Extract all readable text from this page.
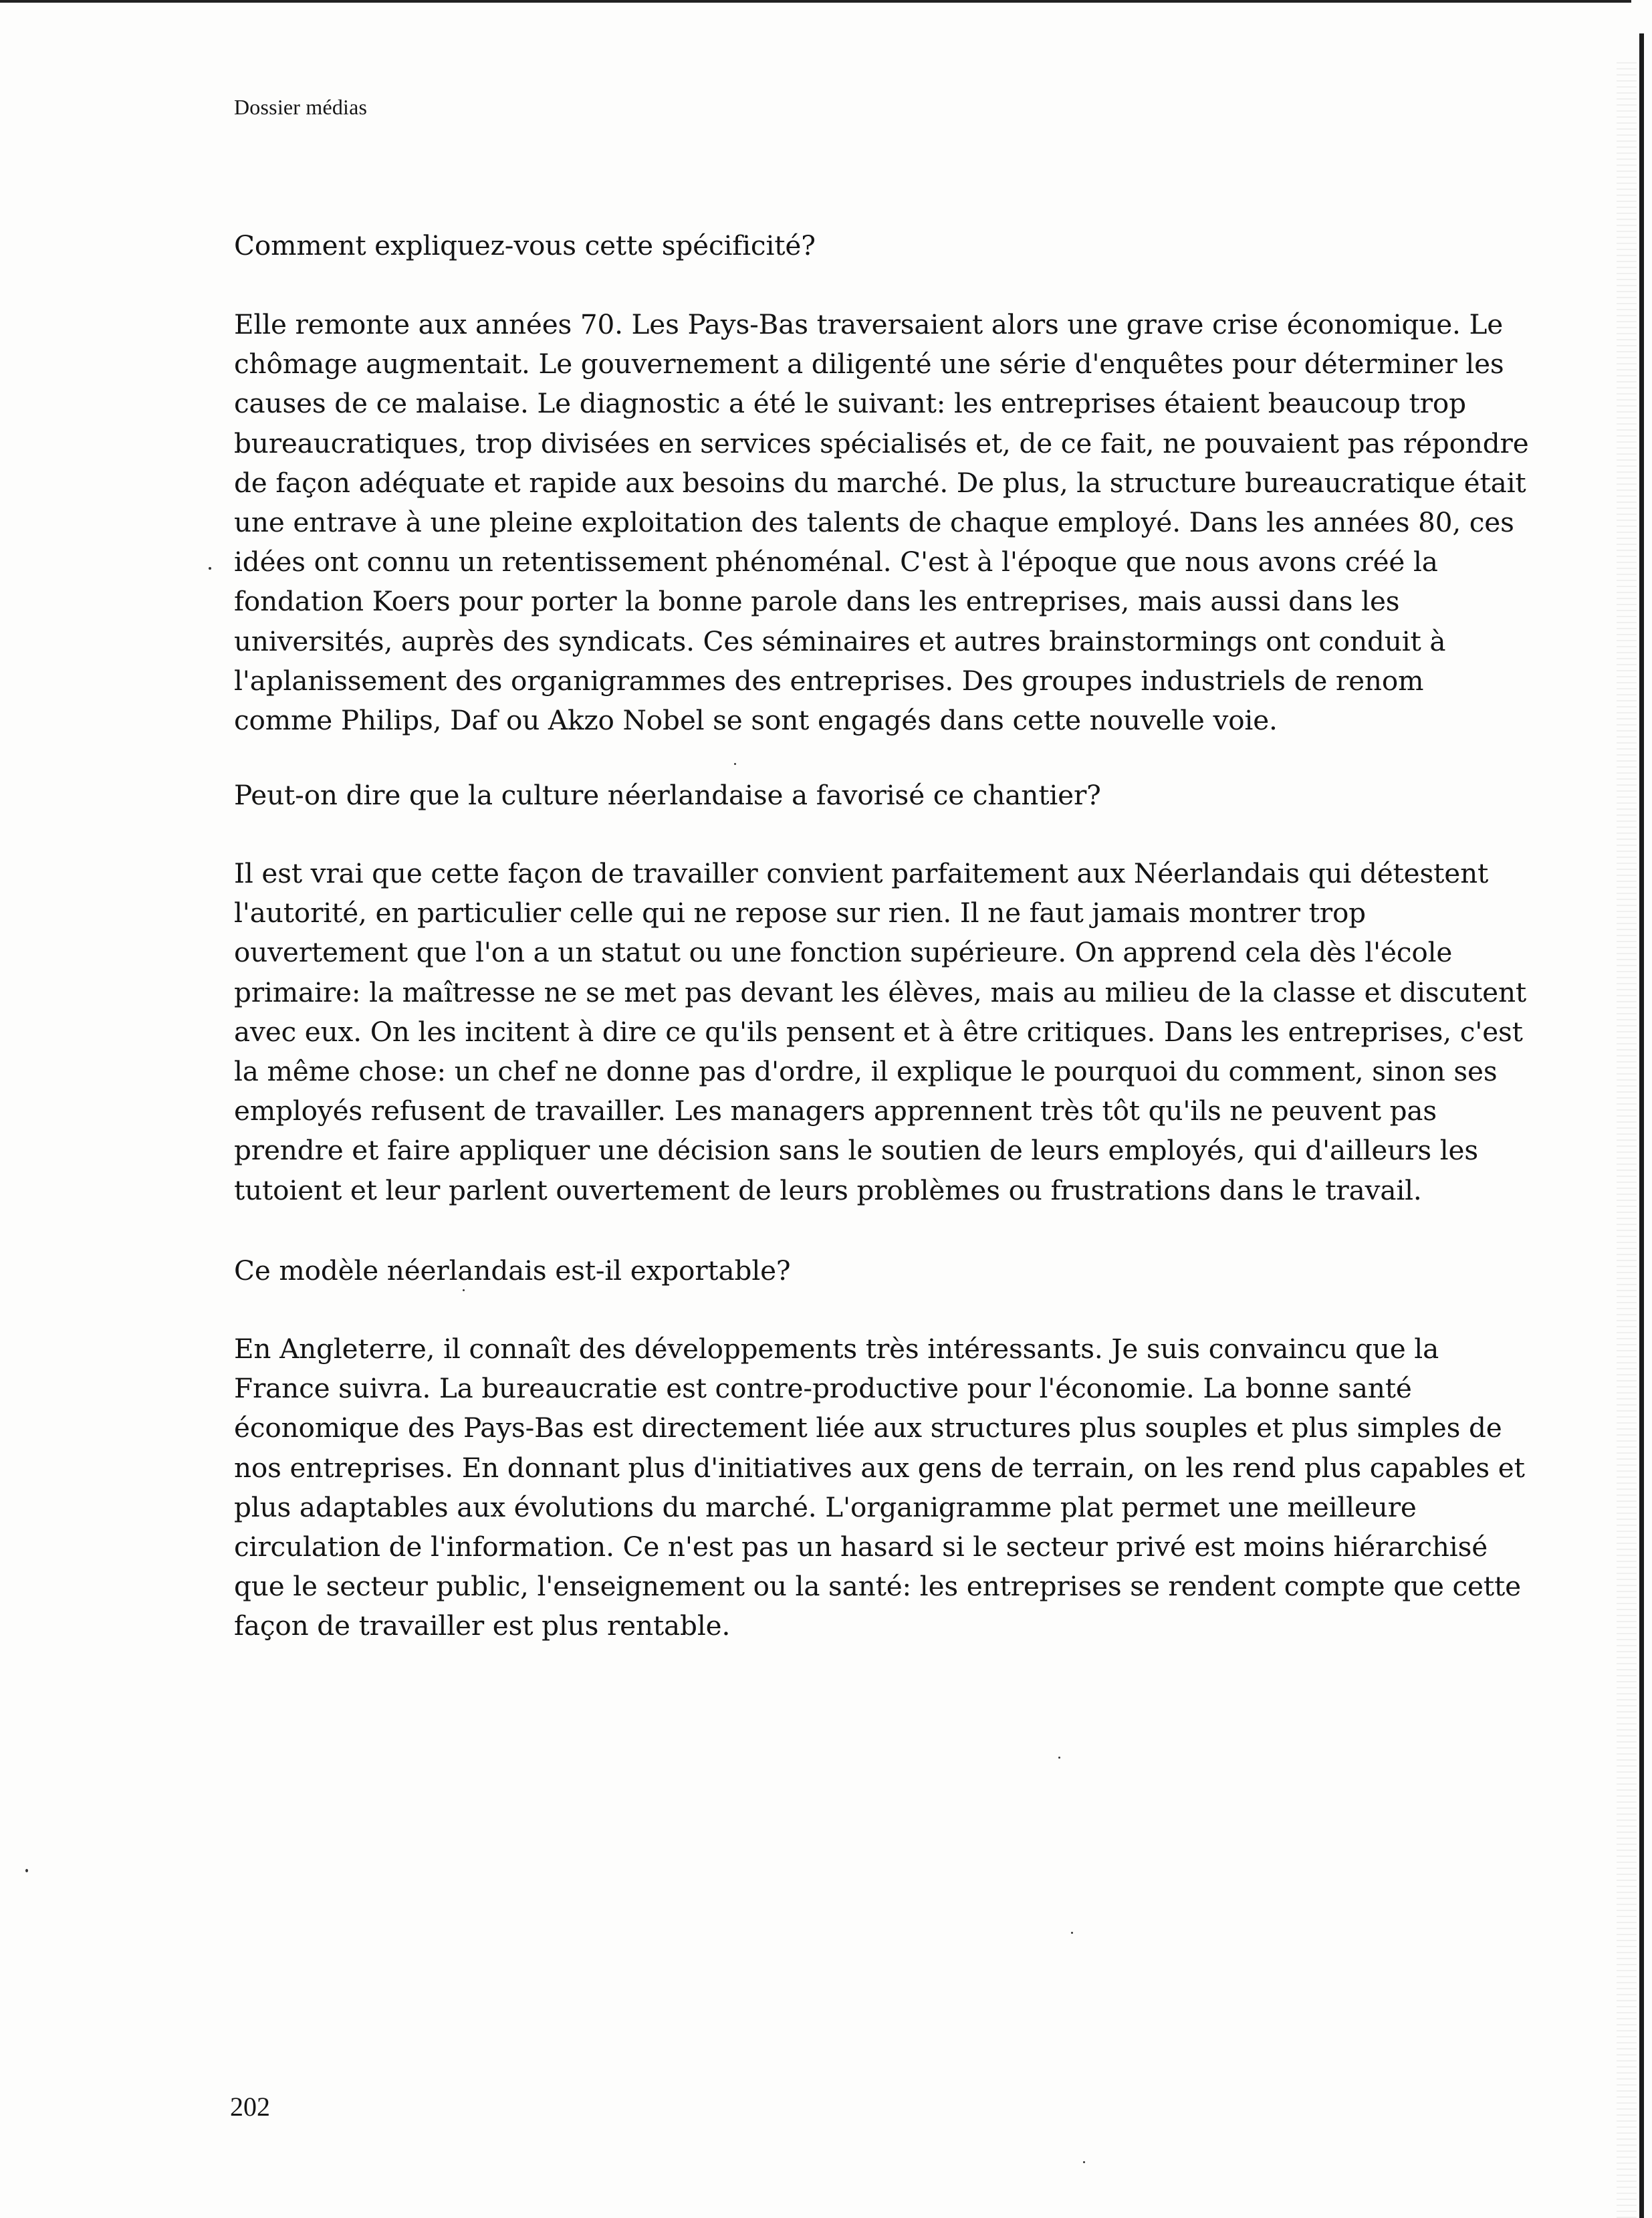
Dossier médias
Comment expliquez-vous cette spécificité?
Elle remonte aux années 70. Les Pays-Bas traversaient alors une grave crise économique. Le
chômage augmentait. Le gouvernement a diligenté une série d'enquêtes pour déterminer les
causes de ce malaise. Le diagnostic a été le suivant: les entreprises étaient beaucoup trop
bureaucratiques, trop divisées en services spécialisés et, de ce fait, ne pouvaient pas répondre
de façon adéquate et rapide aux besoins du marché. De plus, la structure bureaucratique était
une entrave à une pleine exploitation des talents de chaque employé. Dans les années 80, ces
idées ont connu un retentissement phénoménal. C'est à l'époque que nous avons créé la
fondation Koers pour porter la bonne parole dans les entreprises, mais aussi dans les
universités, auprès des syndicats. Ces séminaires et autres brainstormings ont conduit à
l'aplanissement des organigrammes des entreprises. Des groupes industriels de renom
comme Philips, Daf ou Akzo Nobel se sont engagés dans cette nouvelle voie.
Peut-on dire que la culture néerlandaise a favorisé ce chantier?
Il est vrai que cette façon de travailler convient parfaitement aux Néerlandais qui détestent
l'autorité, en particulier celle qui ne repose sur rien. Il ne faut jamais montrer trop
ouvertement que l'on a un statut ou une fonction supérieure. On apprend cela dès l'école
primaire: la maîtresse ne se met pas devant les élèves, mais au milieu de la classe et discutent
avec eux. On les incitent à dire ce qu'ils pensent et à être critiques. Dans les entreprises, c'est
la même chose: un chef ne donne pas d'ordre, il explique le pourquoi du comment, sinon ses
employés refusent de travailler. Les managers apprennent très tôt qu'ils ne peuvent pas
prendre et faire appliquer une décision sans le soutien de leurs employés, qui d'ailleurs les
tutoient et leur parlent ouvertement de leurs problèmes ou frustrations dans le travail.
Ce modèle néerlandais est-il exportable?
En Angleterre, il connaît des développements très intéressants. Je suis convaincu que la
France suivra. La bureaucratie est contre-productive pour l'économie. La bonne santé
économique des Pays-Bas est directement liée aux structures plus souples et plus simples de
nos entreprises. En donnant plus d'initiatives aux gens de terrain, on les rend plus capables et
plus adaptables aux évolutions du marché. L'organigramme plat permet une meilleure
circulation de l'information. Ce n'est pas un hasard si le secteur privé est moins hiérarchisé
que le secteur public, l'enseignement ou la santé: les entreprises se rendent compte que cette
façon de travailler est plus rentable.
202
